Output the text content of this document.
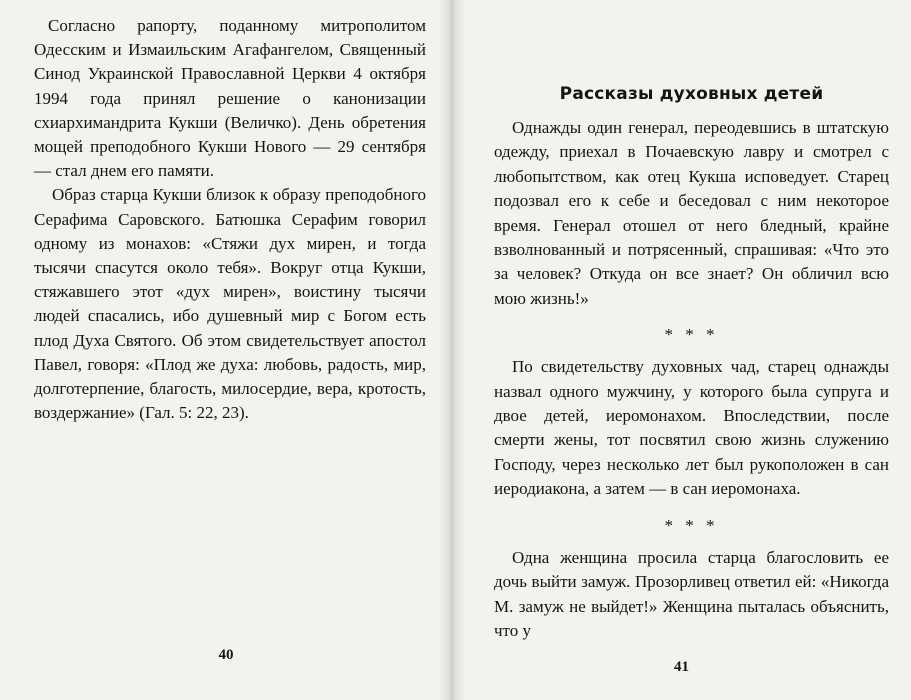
Согласно рапорту, поданному митрополитом Одесским и Измаильским Агафангелом, Священный Синод Украинской Православной Церкви 4 октября 1994 года принял решение о канонизации схиархимандрита Кукши (Величко). День обретения мощей преподобного Кукши Нового — 29 сентября — стал днем его памяти.

Образ старца Кукши близок к образу преподобного Серафима Саровского. Батюшка Серафим говорил одному из монахов: «Стяжи дух мирен, и тогда тысячи спасутся около тебя». Вокруг отца Кукши, стяжавшего этот «дух мирен», воистину тысячи людей спасались, ибо душевный мир с Богом есть плод Духа Святого. Об этом свидетельствует апостол Павел, говоря: «Плод же духа: любовь, радость, мир, долготерпение, благость, милосердие, вера, кротость, воздержание» (Гал. 5: 22, 23).

40
Рассказы духовных детей

Однажды один генерал, переодевшись в штатскую одежду, приехал в Почаевскую лавру и смотрел с любопытством, как отец Кукша исповедует. Старец подозвал его к себе и беседовал с ним некоторое время. Генерал отошел от него бледный, крайне взволнованный и потрясенный, спрашивая: «Что это за человек? Откуда он все знает? Он обличил всю мою жизнь!»

* * *

По свидетельству духовных чад, старец однажды назвал одного мужчину, у которого была супруга и двое детей, иеромонахом. Впоследствии, после смерти жены, тот посвятил свою жизнь служению Господу, через несколько лет был рукоположен в сан иеродиакона, а затем — в сан иеромонаха.

* * *

Одна женщина просила старца благословить ее дочь выйти замуж. Прозорливец ответил ей: «Никогда М. замуж не выйдет!» Женщина пыталась объяснить, что у

41
